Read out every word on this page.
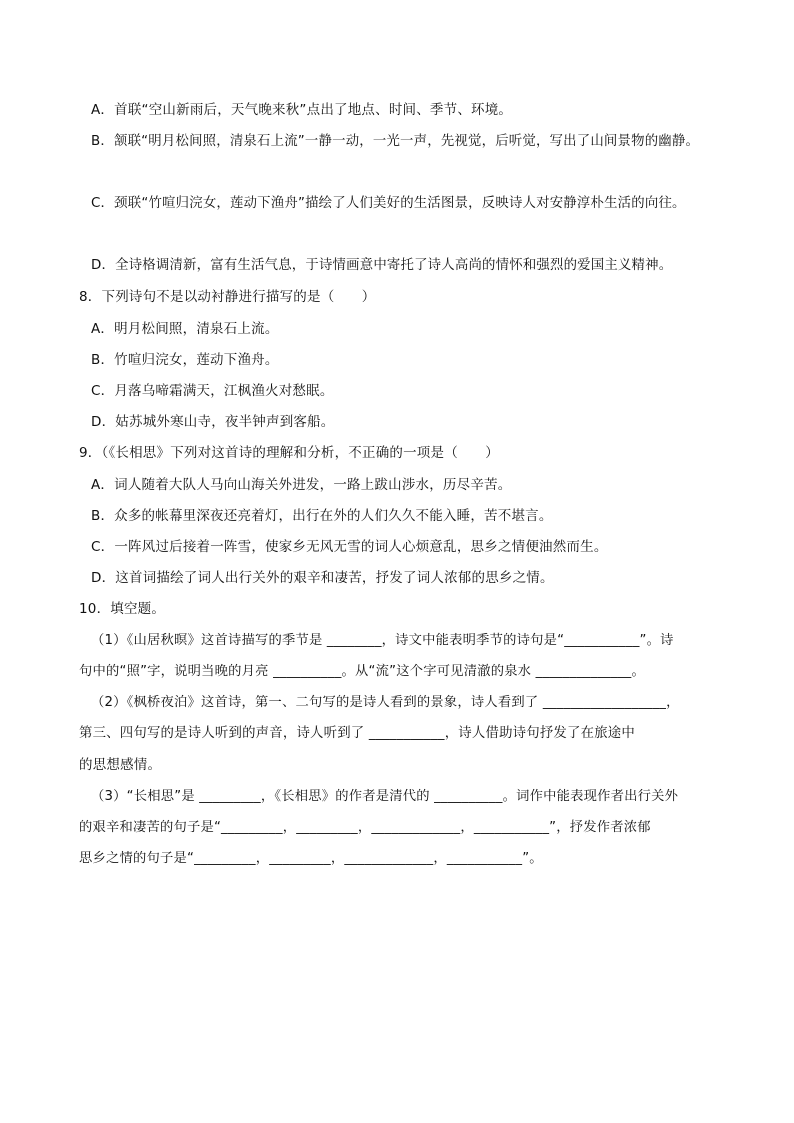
A．首联“空山新雨后，天气晚来秋”点出了地点、时间、季节、环境。
B．颔联“明月松间照，清泉石上流”一静一动，一光一声，先视觉，后听觉，写出了山间景物的幽静。
C．颈联“竹喧归浣女，莲动下渔舟”描绘了人们美好的生活图景，反映诗人对安静淳朴生活的向往。
D．全诗格调清新，富有生活气息，于诗情画意中寄托了诗人高尚的情怀和强烈的爱国主义精神。
8．下列诗句不是以动衬静进行描写的是（　　）
A．明月松间照，清泉石上流。
B．竹喧归浣女，莲动下渔舟。
C．月落乌啼霜满天，江枫渔火对愁眠。
D．姑苏城外寒山寺，夜半钟声到客船。
9．（《长相思》下列对这首诗的理解和分析，不正确的一项是（　　）
A．词人随着大队人马向山海关外进发，一路上跋山涉水，历尽辛苦。
B．众多的帐幕里深夜还亮着灯，出行在外的人们久久不能入睡，苦不堪言。
C．一阵风过后接着一阵雪，使家乡无风无雪的词人心烦意乱，思乡之情便油然而生。
D．这首词描绘了词人出行关外的艰辛和凄苦，抒发了词人浓郁的思乡之情。
10．填空题。
（1）《山居秋暝》这首诗描写的季节是 ________，诗文中能表明季节的诗句是“___________”。诗
句中的“照”字，说明当晚的月亮 __________。从“流”这个字可见清澈的泉水 ______________。
（2）《枫桥夜泊》这首诗，第一、二句写的是诗人看到的景象，诗人看到了 __________________，
第三、四句写的是诗人听到的声音，诗人听到了 ___________，诗人借助诗句抒发了在旅途中
的思想感情。
（3）“长相思”是 _________，《长相思》的作者是清代的 __________。词作中能表现作者出行关外
的艰辛和凄苦的句子是“_________，_________，_____________，___________”，抒发作者浓郁
思乡之情的句子是“_________，_________，_____________，___________”。
